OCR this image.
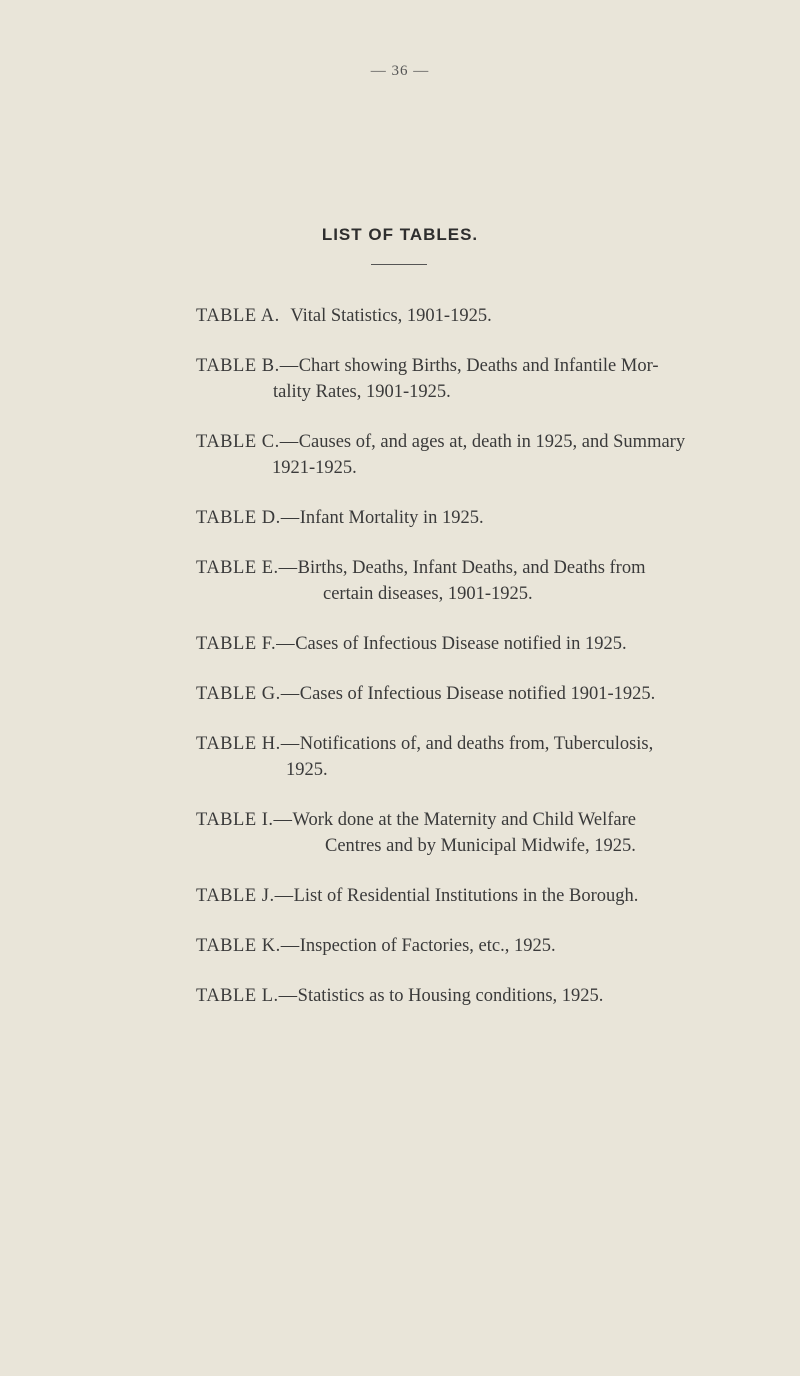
— 36 —
LIST OF TABLES.
TABLE A. Vital Statistics, 1901-1925.
TABLE B.—Chart showing Births, Deaths and Infantile Mor-
tality Rates, 1901-1925.
TABLE C.—Causes of, and ages at, death in 1925, and Summary
1921-1925.
TABLE D.—Infant Mortality in 1925.
TABLE E.—Births, Deaths, Infant Deaths, and Deaths from
certain diseases, 1901-1925.
TABLE F.—Cases of Infectious Disease notified in 1925.
TABLE G.—Cases of Infectious Disease notified 1901-1925.
TABLE H.—Notifications of, and deaths from, Tuberculosis,
1925.
TABLE I.—Work done at the Maternity and Child Welfare
Centres and by Municipal Midwife, 1925.
TABLE J.—List of Residential Institutions in the Borough.
TABLE K.—Inspection of Factories, etc., 1925.
TABLE L.—Statistics as to Housing conditions, 1925.
